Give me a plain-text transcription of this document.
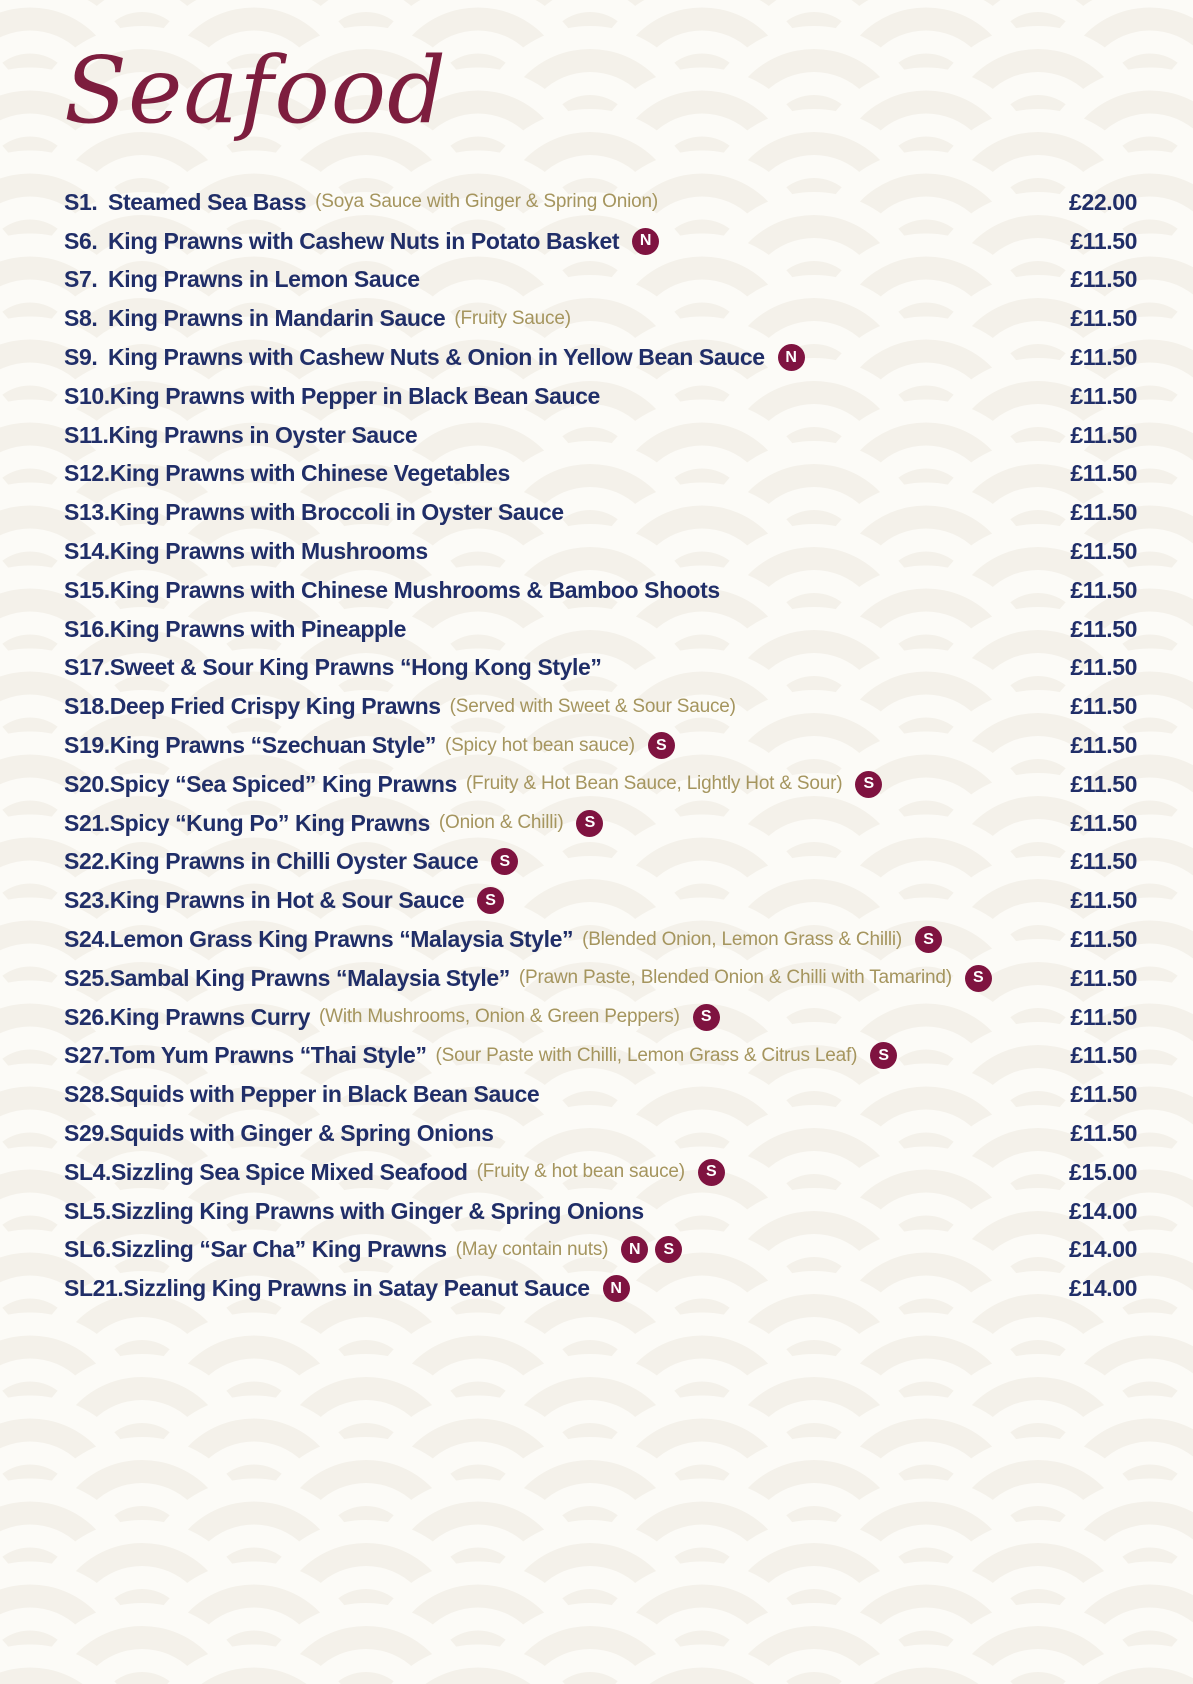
Seafood
S1. Steamed Sea Bass (Soya Sauce with Ginger & Spring Onion)	£22.00
S6. King Prawns with Cashew Nuts in Potato Basket	N	£11.50
S7. King Prawns in Lemon Sauce	£11.50
S8. King Prawns in Mandarin Sauce (Fruity Sauce)	£11.50
S9. King Prawns with Cashew Nuts & Onion in Yellow Bean Sauce	N	£11.50
S10. King Prawns with Pepper in Black Bean Sauce	£11.50
S11. King Prawns in Oyster Sauce	£11.50
S12. King Prawns with Chinese Vegetables	£11.50
S13. King Prawns with Broccoli in Oyster Sauce	£11.50
S14. King Prawns with Mushrooms	£11.50
S15. King Prawns with Chinese Mushrooms & Bamboo Shoots	£11.50
S16. King Prawns with Pineapple	£11.50
S17. Sweet & Sour King Prawns “Hong Kong Style”	£11.50
S18. Deep Fried Crispy King Prawns (Served with Sweet & Sour Sauce)	£11.50
S19. King Prawns “Szechuan Style” (Spicy hot bean sauce)	S	£11.50
S20. Spicy “Sea Spiced” King Prawns (Fruity & Hot Bean Sauce, Lightly Hot & Sour)	S	£11.50
S21. Spicy “Kung Po” King Prawns (Onion & Chilli)	S	£11.50
S22. King Prawns in Chilli Oyster Sauce	S	£11.50
S23. King Prawns in Hot & Sour Sauce	S	£11.50
S24. Lemon Grass King Prawns “Malaysia Style” (Blended Onion, Lemon Grass & Chilli)	S	£11.50
S25. Sambal King Prawns “Malaysia Style” (Prawn Paste, Blended Onion & Chilli with Tamarind)	S	£11.50
S26. King Prawns Curry (With Mushrooms, Onion & Green Peppers)	S	£11.50
S27. Tom Yum Prawns “Thai Style” (Sour Paste with Chilli, Lemon Grass & Citrus Leaf)	S	£11.50
S28. Squids with Pepper in Black Bean Sauce	£11.50
S29. Squids with Ginger & Spring Onions	£11.50
SL4. Sizzling Sea Spice Mixed Seafood (Fruity & hot bean sauce)	S	£15.00
SL5. Sizzling King Prawns with Ginger & Spring Onions	£14.00
SL6. Sizzling “Sar Cha” King Prawns (May contain nuts)	N	S	£14.00
SL21. Sizzling King Prawns in Satay Peanut Sauce	N	£14.00
